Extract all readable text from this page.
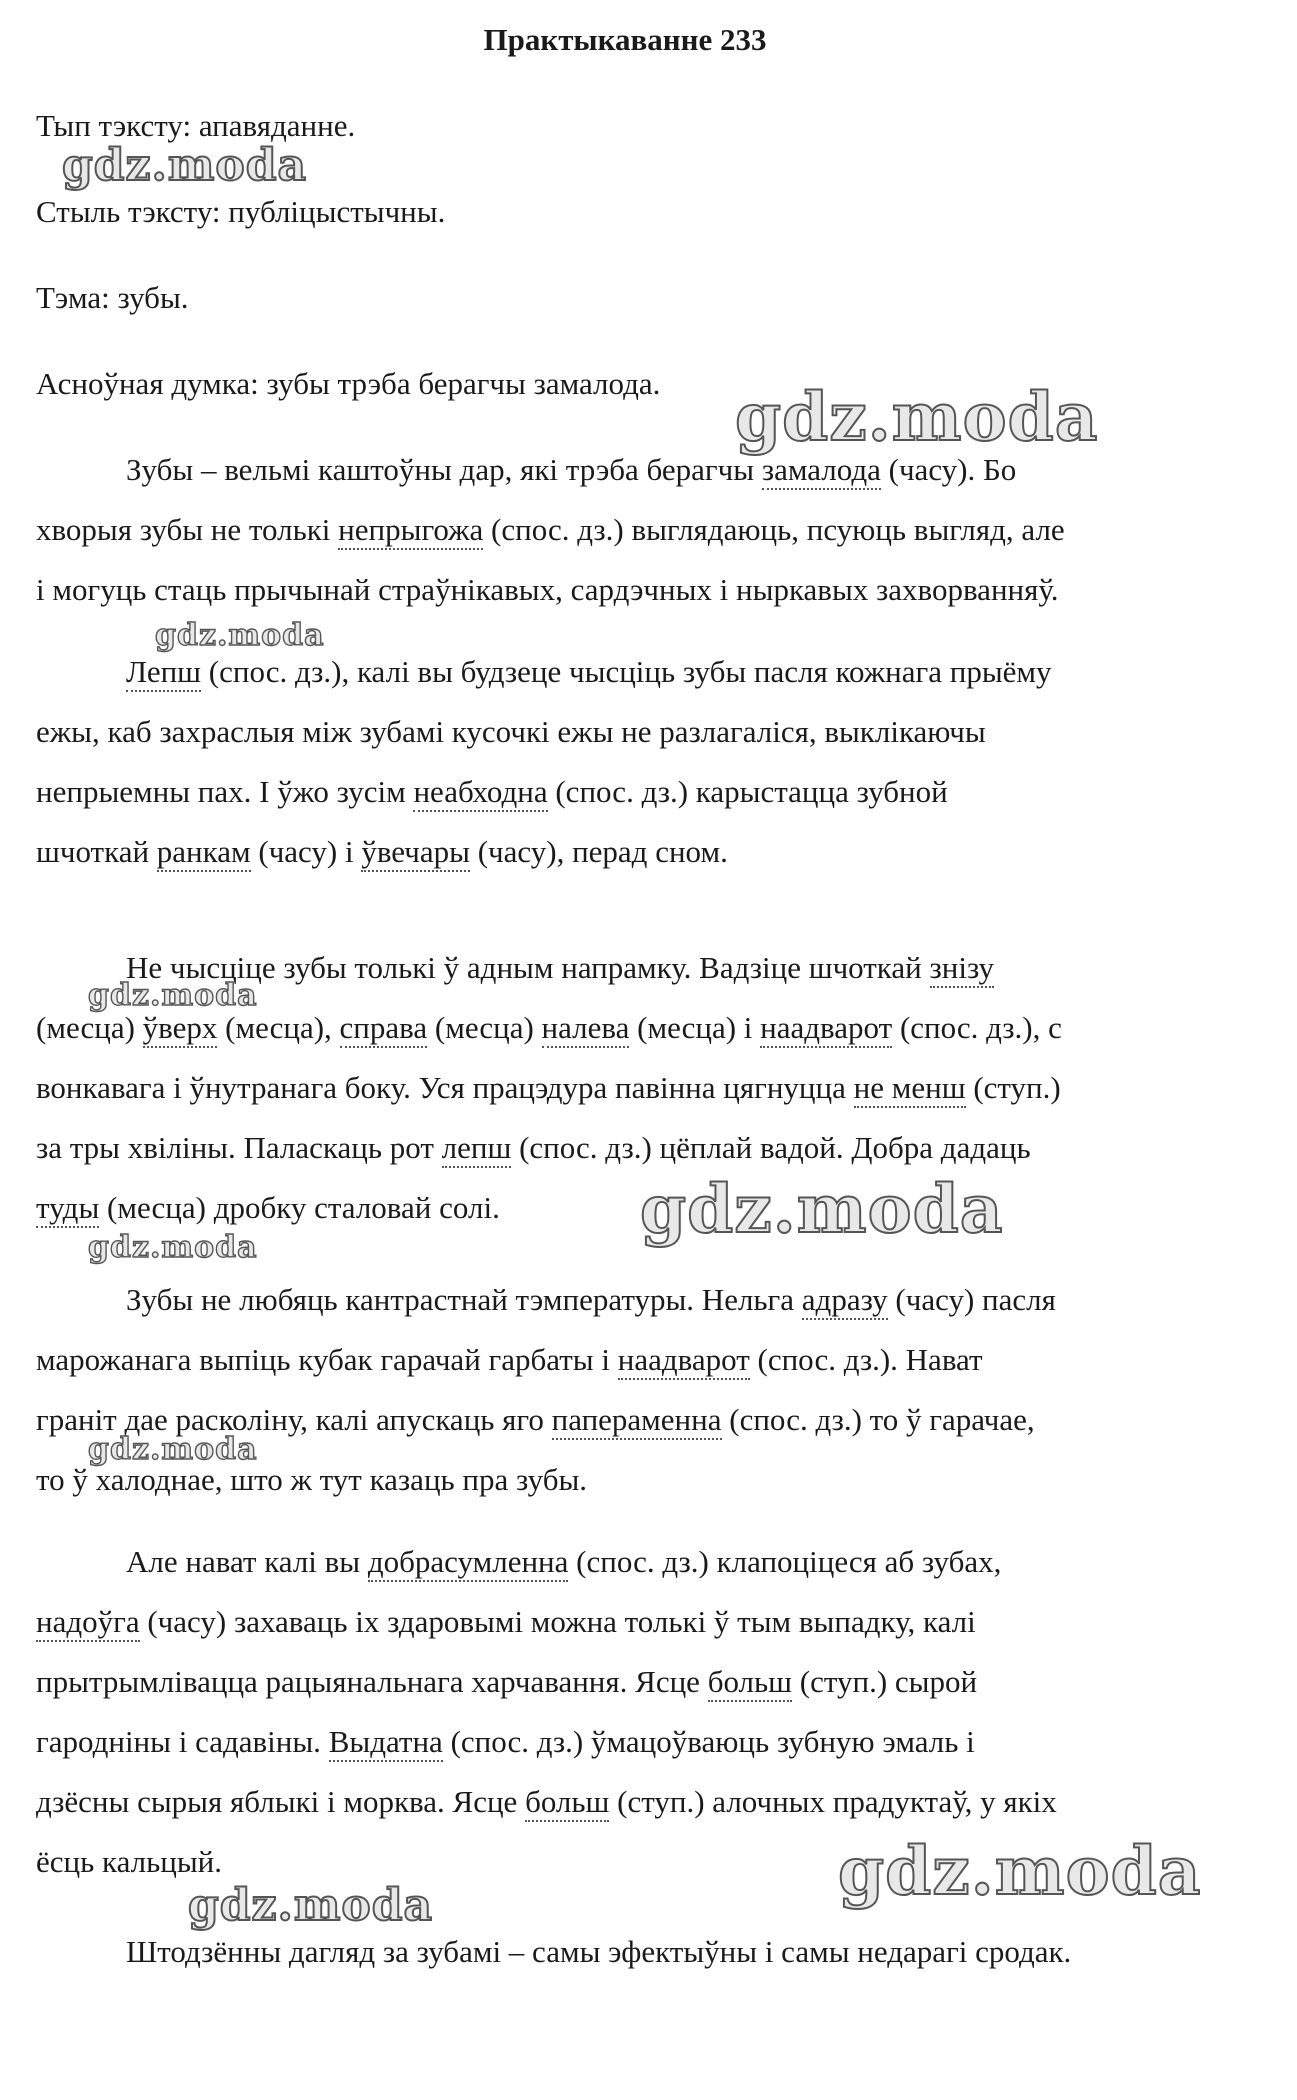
Практыкаванне 233
Тып тэксту: апавяданне.
Стыль тэксту: публіцыстычны.
Тэма: зубы.
Асноўная думка: зубы трэба берагчы замалода.
Зубы – вельмі каштоўны дар, які трэба берагчы замалода (часу). Бо
хворыя зубы не толькі непрыгожа (спос. дз.) выглядаюць, псуюць выгляд, але
і могуць стаць прычынай страўнікавых, сардэчных і ныркавых захворванняў.
Лепш (спос. дз.), калі вы будзеце чысціць зубы пасля кожнага прыёму
ежы, каб захраслыя між зубамі кусочкі ежы не разлагаліся, выклікаючы
непрыемны пах. І ўжо зусім неабходна (спос. дз.) карыстацца зубной
шчоткай ранкам (часу) і ўвечары (часу), перад сном.
Не чысціце зубы толькі ў адным напрамку. Вадзіце шчоткай знізу
(месца) ўверх (месца), справа (месца) налева (месца) і наадварот (спос. дз.), с
вонкавага і ўнутранага боку. Уся працэдура павінна цягнуцца не менш (ступ.)
за тры хвіліны. Паласкаць рот лепш (спос. дз.) цёплай вадой. Добра дадаць
туды (месца) дробку сталовай солі.
Зубы не любяць кантрастнай тэмпературы. Нельга адразу (часу) пасля
марожанага выпіць кубак гарачай гарбаты і наадварот (спос. дз.). Нават
граніт дае расколіну, калі апускаць яго папераменна (спос. дз.) то ў гарачае,
то ў халоднае, што ж тут казаць пра зубы.
Але нават калі вы добрасумленна (спос. дз.) клапоціцеся аб зубах,
надоўга (часу) захаваць іх здаровымі можна толькі ў тым выпадку, калі
прытрымлівацца рацыянальнага харчавання. Ясце больш (ступ.) сырой
гародніны і садавіны. Выдатна (спос. дз.) ўмацоўваюць зубную эмаль і
дзёсны сырыя яблыкі і морква. Ясце больш (ступ.) алочных прадуктаў, у якіх
ёсць кальцый.
Штодзённы дагляд за зубамі – самы эфектыўны і самы недарагі сродак.
gdz.moda
gdz.moda
gdz.moda
gdz.moda
gdz.moda
gdz.moda
gdz.moda
gdz.moda
gdz.moda
